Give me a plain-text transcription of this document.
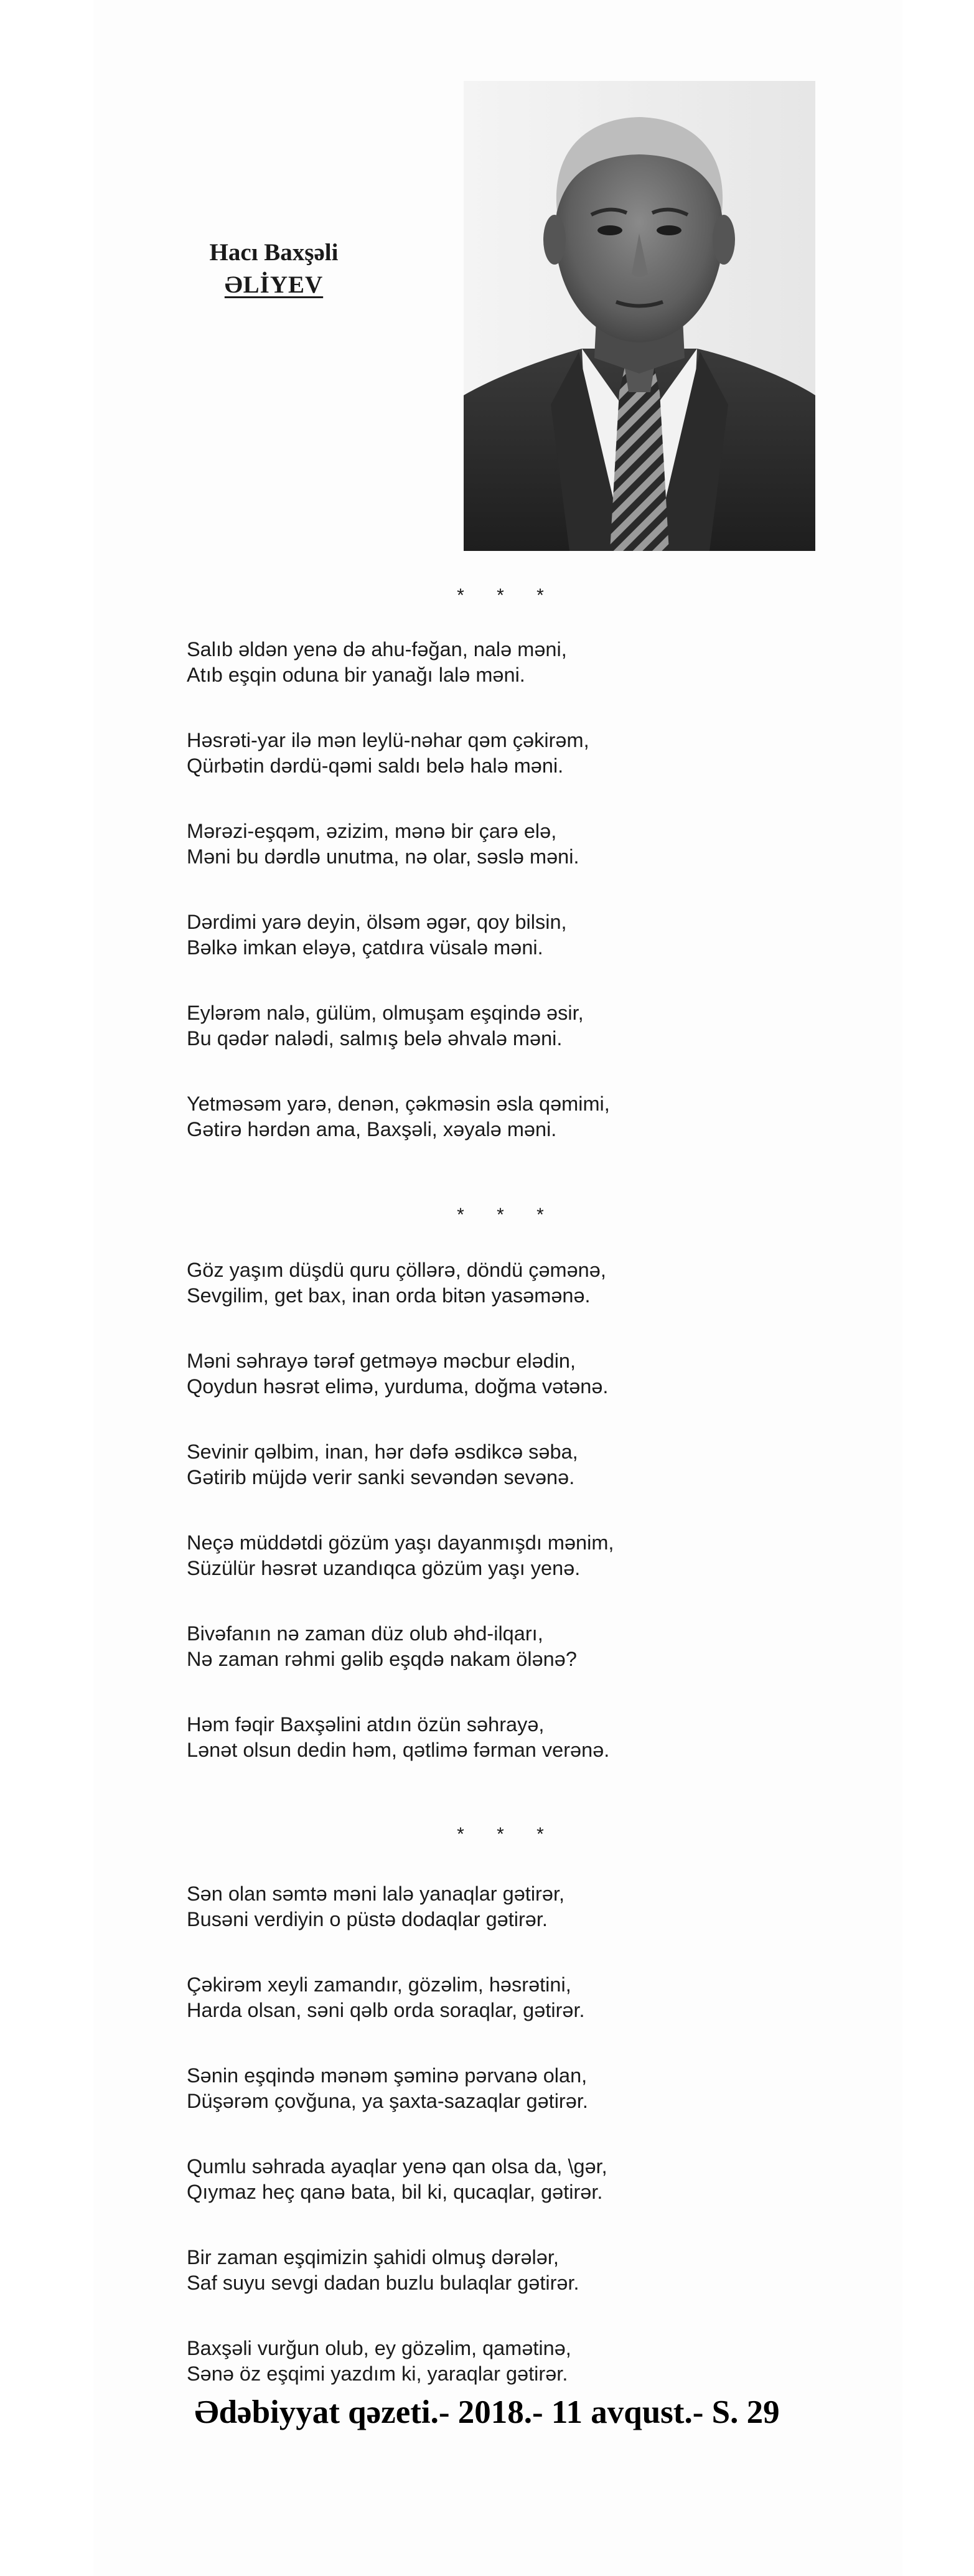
Hacı Baxşəli
ƏLİYEV
* * *
Salıb əldən yenə də ahu-fəğan, nalə məni,
Atıb eşqin oduna bir yanağı lalə məni.
Həsrəti-yar ilə mən leylü-nəhar qəm çəkirəm,
Qürbətin dərdü-qəmi saldı belə halə məni.
Mərəzi-eşqəm, əzizim, mənə bir çarə elə,
Məni bu dərdlə unutma, nə olar, səslə məni.
Dərdimi yarə deyin, ölsəm əgər, qoy bilsin,
Bəlkə imkan eləyə, çatdıra vüsalə məni.
Eylərəm nalə, gülüm, olmuşam eşqində əsir,
Bu qədər nalədi, salmış belə əhvalə məni.
Yetməsəm yarə, denən, çəkməsin əsla qəmimi,
Gətirə hərdən ama, Baxşəli, xəyalə məni.
* * *
Göz yaşım düşdü quru çöllərə, döndü çəmənə,
Sevgilim, get bax, inan orda bitən yasəmənə.
Məni səhrayə tərəf getməyə məcbur elədin,
Qoydun həsrət elimə, yurduma, doğma vətənə.
Sevinir qəlbim, inan, hər dəfə əsdikcə səba,
Gətirib müjdə verir sanki sevəndən sevənə.
Neçə müddətdi gözüm yaşı dayanmışdı mənim,
Süzülür həsrət uzandıqca gözüm yaşı yenə.
Bivəfanın nə zaman düz olub əhd-ilqarı,
Nə zaman rəhmi gəlib eşqdə nakam ölənə?
Həm fəqir Baxşəlini atdın özün səhrayə,
Lənət olsun dedin həm, qətlimə fərman verənə.
* * *
Sən olan səmtə məni lalə yanaqlar gətirər,
Busəni verdiyin o püstə dodaqlar gətirər.
Çəkirəm xeyli zamandır, gözəlim, həsrətini,
Harda olsan, səni qəlb orda soraqlar, gətirər.
Sənin eşqində mənəm şəminə pərvanə olan,
Düşərəm çovğuna, ya şaxta-sazaqlar gətirər.
Qumlu səhrada ayaqlar yenə qan olsa da, \gər,
Qıymaz heç qanə bata, bil ki, qucaqlar, gətirər.
Bir zaman eşqimizin şahidi olmuş dərələr,
Saf suyu sevgi dadan buzlu bulaqlar gətirər.
Baxşəli vurğun olub, ey gözəlim, qamətinə,
Sənə öz eşqimi yazdım ki, yaraqlar gətirər.
Ədəbiyyat qəzeti.- 2018.- 11 avqust.- S. 29
